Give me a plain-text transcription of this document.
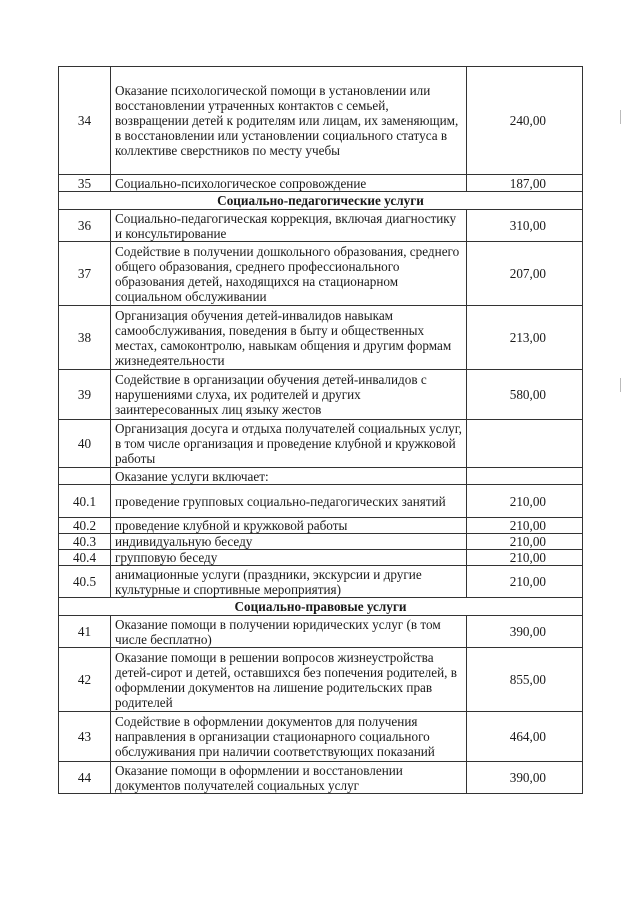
34	Оказание психологической помощи в установлении или восстановлении утраченных контактов с семьей, возвращении детей к родителям или лицам, их заменяющим, в восстановлении или установлении социального статуса в коллективе сверстников по месту учебы	240,00
35	Социально-психологическое сопровождение	187,00
Социально-педагогические услуги		
36	Социально-педагогическая коррекция, включая диагностику и консультирование	310,00
37	Содействие в получении дошкольного образования, среднего общего образования, среднего профессионального образования детей, находящихся на стационарном социальном обслуживании	207,00
38	Организация обучения детей-инвалидов навыкам самообслуживания, поведения в быту и общественных местах, самоконтролю, навыкам общения и другим формам жизнедеятельности	213,00
39	Содействие в организации обучения детей-инвалидов с нарушениями слуха, их родителей и других заинтересованных лиц языку жестов	580,00
40	Организация досуга и отдыха получателей социальных услуг, в том числе организация и проведение клубной и кружковой работы	
	Оказание услуги включает:	
40.1	проведение групповых социально-педагогических занятий	210,00
40.2	проведение клубной и кружковой работы	210,00
40.3	индивидуальную беседу	210,00
40.4	групповую беседу	210,00
40.5	анимационные услуги (праздники, экскурсии и другие культурные и спортивные мероприятия)	210,00
Социально-правовые услуги		
41	Оказание помощи в получении юридических услуг (в том числе бесплатно)	390,00
42	Оказание помощи в решении вопросов жизнеустройства детей-сирот и детей, оставшихся без попечения родителей, в оформлении документов на лишение родительских прав родителей	855,00
43	Содействие в оформлении документов для получения направления в организации стационарного социального обслуживания при наличии соответствующих показаний	464,00
44	Оказание помощи в оформлении и восстановлении документов получателей социальных услуг	390,00
